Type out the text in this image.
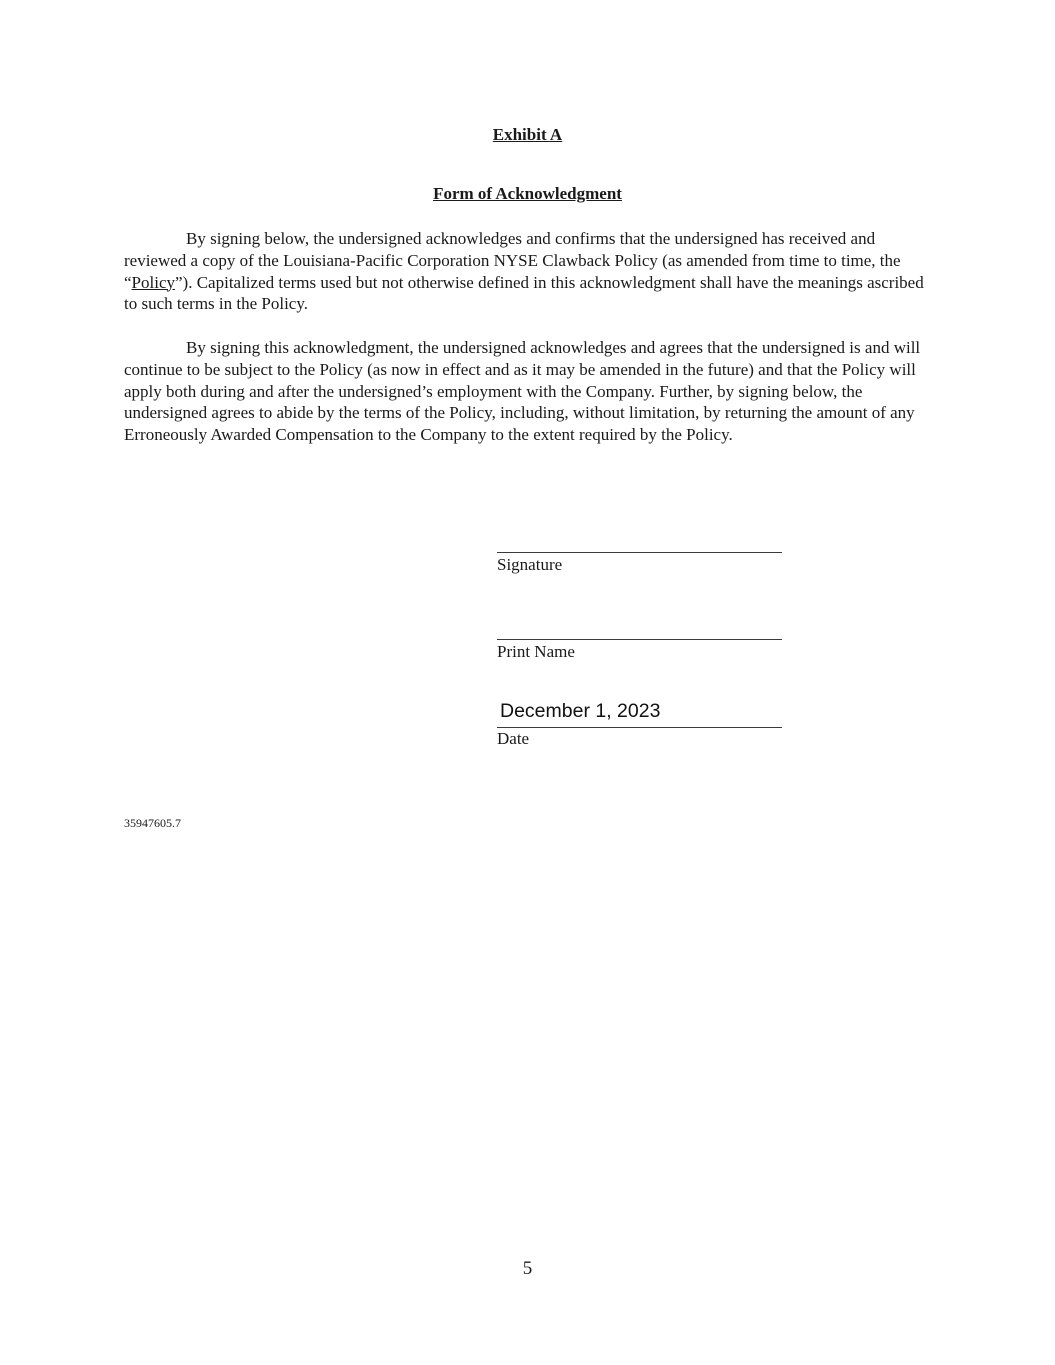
Exhibit A
Form of Acknowledgment

By signing below, the undersigned acknowledges and confirms that the undersigned has received and reviewed a copy of the Louisiana-Pacific Corporation NYSE Clawback Policy (as amended from time to time, the “Policy”). Capitalized terms used but not otherwise defined in this acknowledgment shall have the meanings ascribed to such terms in the Policy.

By signing this acknowledgment, the undersigned acknowledges and agrees that the undersigned is and will continue to be subject to the Policy (as now in effect and as it may be amended in the future) and that the Policy will apply both during and after the undersigned’s employment with the Company. Further, by signing below, the undersigned agrees to abide by the terms of the Policy, including, without limitation, by returning the amount of any Erroneously Awarded Compensation to the Company to the extent required by the Policy.

Signature
Print Name
December 1, 2023
Date
35947605.7
5
